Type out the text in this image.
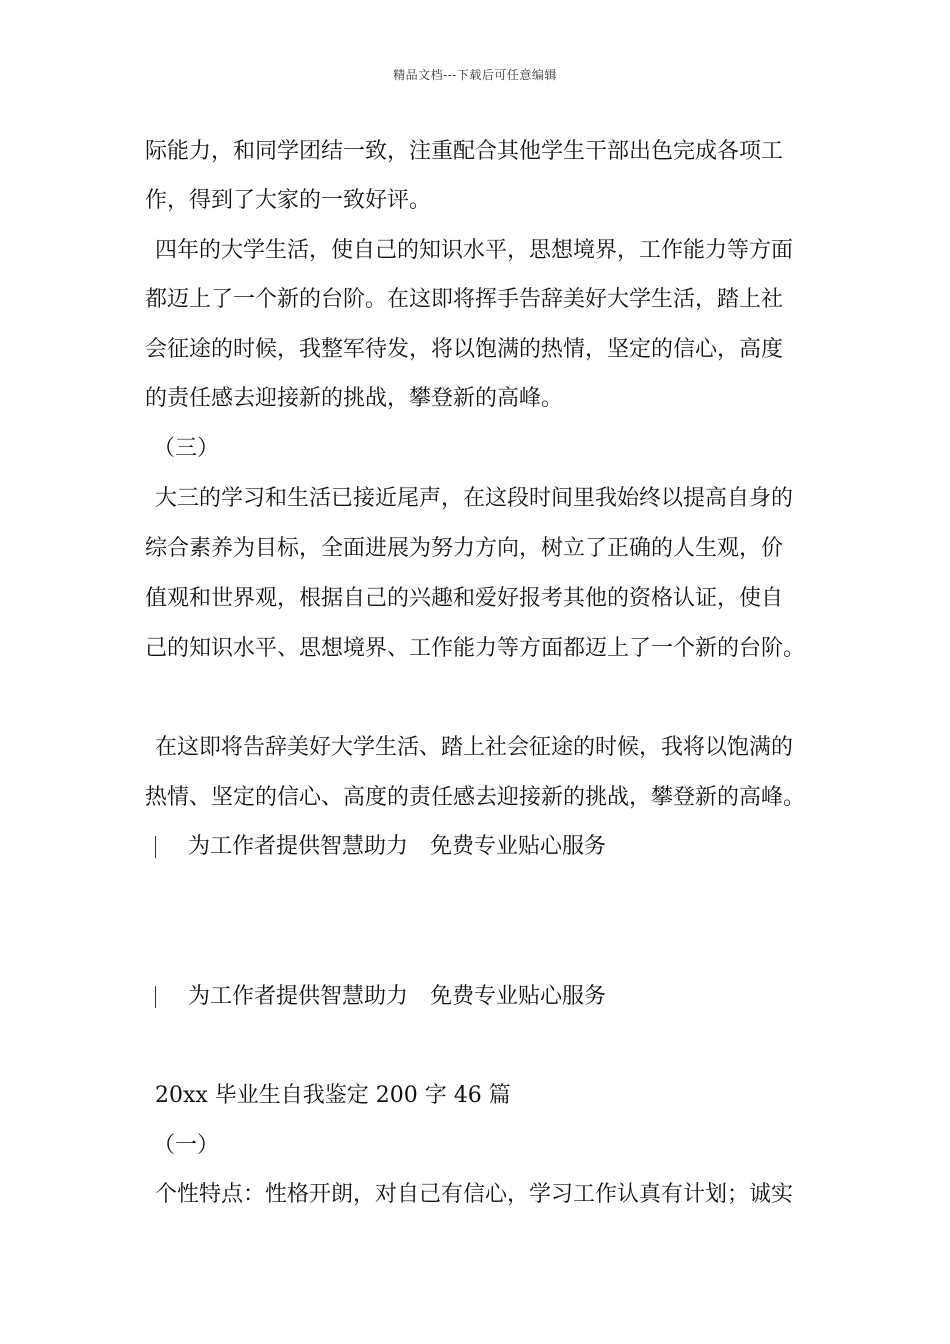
精品文档---下载后可任意编辑
际能力，和同学团结一致，注重配合其他学生干部出色完成各项工
作，得到了大家的一致好评。
四年的大学生活，使自己的知识水平，思想境界，工作能力等方面
都迈上了一个新的台阶。在这即将挥手告辞美好大学生活，踏上社
会征途的时候，我整军待发，将以饱满的热情，坚定的信心，高度
的责任感去迎接新的挑战，攀登新的高峰。
（三）
大三的学习和生活已接近尾声，在这段时间里我始终以提高自身的
综合素养为目标，全面进展为努力方向，树立了正确的人生观，价
值观和世界观，根据自己的兴趣和爱好报考其他的资格认证，使自
己的知识水平、思想境界、工作能力等方面都迈上了一个新的台阶。
在这即将告辞美好大学生活、踏上社会征途的时候，我将以饱满的
热情、坚定的信心、高度的责任感去迎接新的挑战，攀登新的高峰。
为工作者提供智慧助力　免费专业贴心服务
为工作者提供智慧助力　免费专业贴心服务
20xx 毕业生自我鉴定 200 字 46 篇
（一）
个性特点：性格开朗，对自己有信心，学习工作认真有计划；诚实
